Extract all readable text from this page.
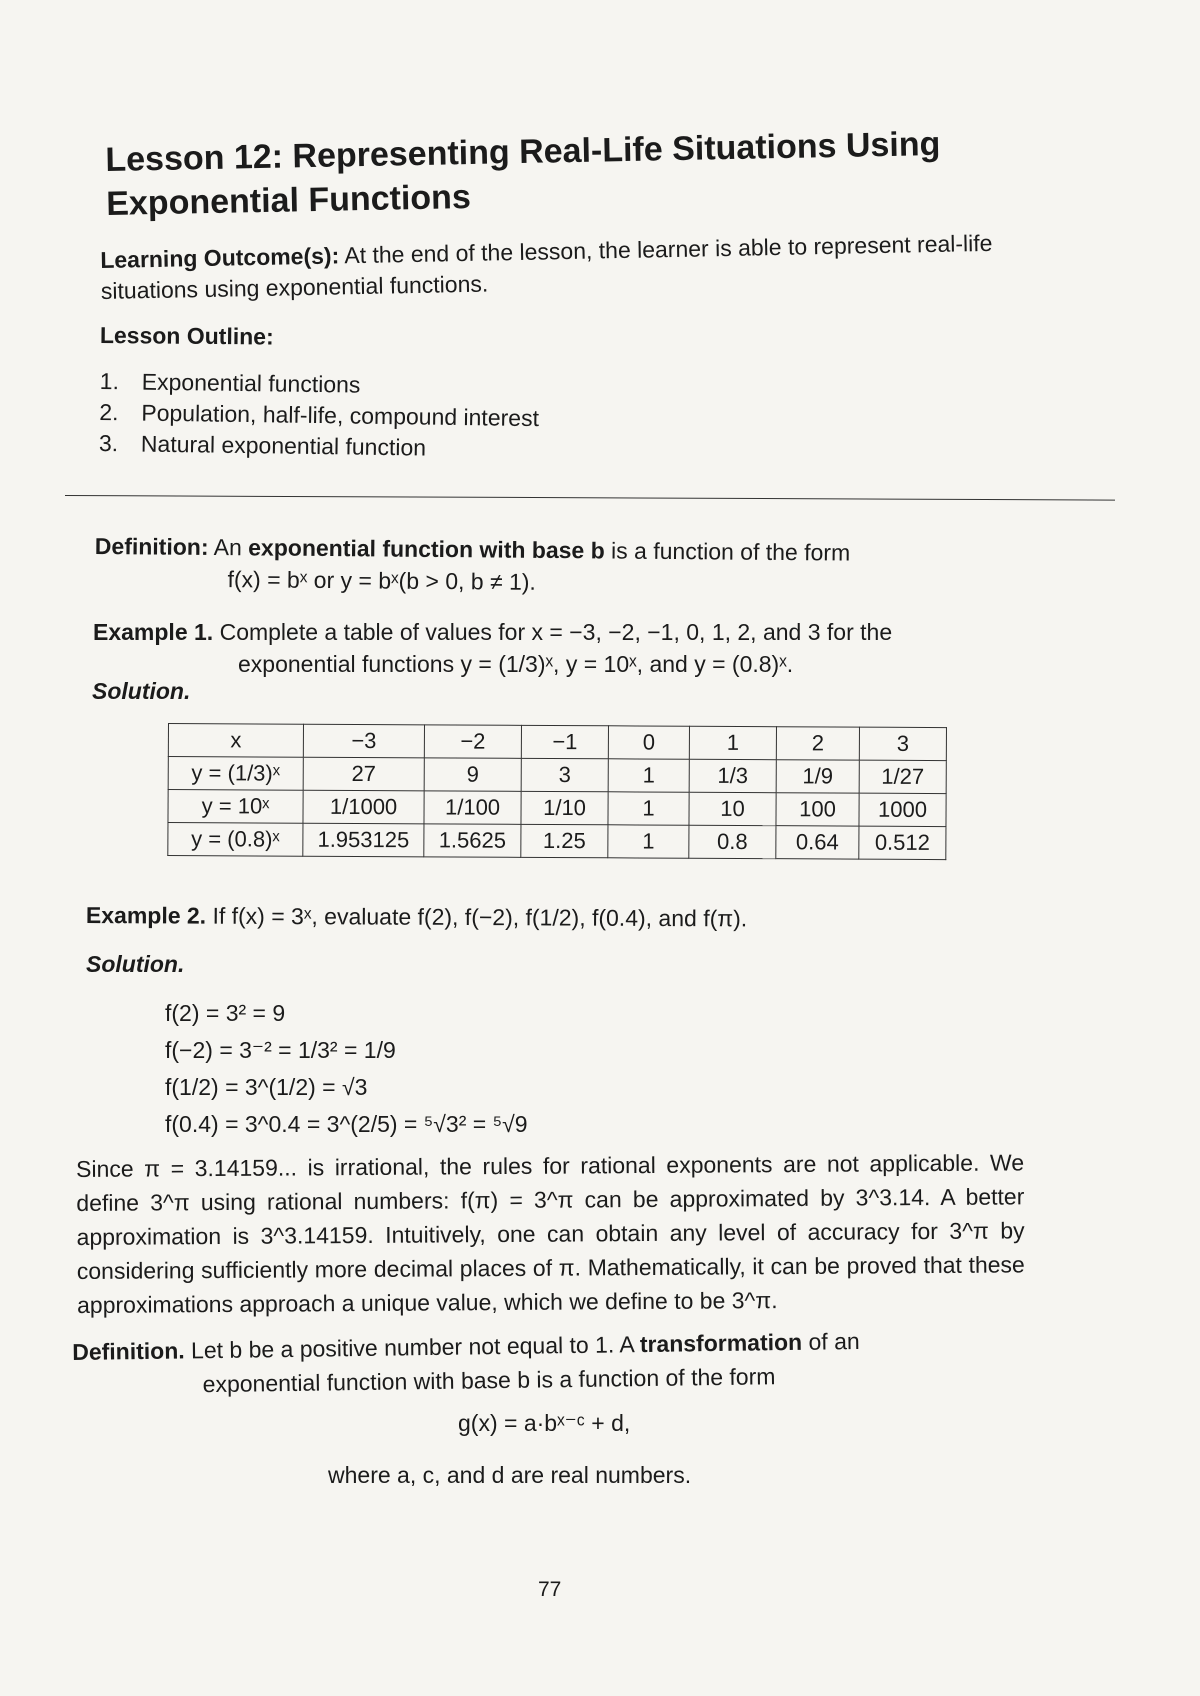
Lesson 12: Representing Real-Life Situations Using Exponential Functions
Learning Outcome(s): At the end of the lesson, the learner is able to represent real-life situations using exponential functions.
Lesson Outline:
1. Exponential functions
2. Population, half-life, compound interest
3. Natural exponential function
Definition: An exponential function with base b is a function of the form
f(x) = bˣ or y = bˣ(b > 0, b ≠ 1).
Example 1. Complete a table of values for x = −3, −2, −1, 0, 1, 2, and 3 for the
exponential functions y = (1/3)ˣ, y = 10ˣ, and y = (0.8)ˣ.
Solution.
x	−3	−2	−1	0	1	2	3
y = (1/3)ˣ	27	9	3	1	1/3	1/9	1/27
y = 10ˣ	1/1000	1/100	1/10	1	10	100	1000
y = (0.8)ˣ	1.953125	1.5625	1.25	1	0.8	0.64	0.512
Example 2. If f(x) = 3ˣ, evaluate f(2), f(−2), f(1/2), f(0.4), and f(π).
Solution.
f(2) = 3² = 9
f(−2) = 3⁻² = 1/3² = 1/9
f(1/2) = 3^(1/2) = √3
f(0.4) = 3^0.4 = 3^(2/5) = ⁵√3² = ⁵√9
Since π = 3.14159... is irrational, the rules for rational exponents are not applicable. We define 3^π using rational numbers: f(π) = 3^π can be approximated by 3^3.14. A better approximation is 3^3.14159. Intuitively, one can obtain any level of accuracy for 3^π by considering sufficiently more decimal places of π. Mathematically, it can be proved that these approximations approach a unique value, which we define to be 3^π.
Definition. Let b be a positive number not equal to 1. A transformation of an
exponential function with base b is a function of the form
g(x) = a·bˣ⁻ᶜ + d,
where a, c, and d are real numbers.
77
